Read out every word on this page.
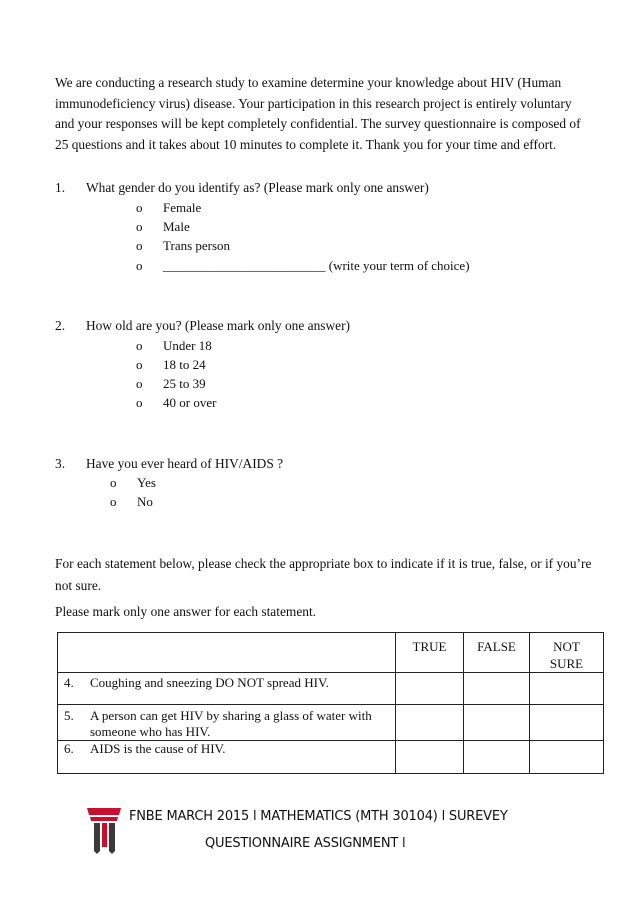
We are conducting a research study to examine determine your knowledge about HIV (Human immunodeficiency virus) disease. Your participation in this research project is entirely voluntary and your responses will be kept completely confidential. The survey questionnaire is composed of 25 questions and it takes about 10 minutes to complete it. Thank you for your time and effort.

1. What gender do you identify as? (Please mark only one answer)
o Female
o Male
o Trans person
o _________________________ (write your term of choice)
2. How old are you? (Please mark only one answer)
o Under 18
o 18 to 24
o 25 to 39
o 40 or over
3. Have you ever heard of HIV/AIDS ?
o Yes
o No

For each statement below, please check the appropriate box to indicate if it is true, false, or if you’re not sure.

Please mark only one answer for each statement.

	TRUE	FALSE	NOT SURE
4. Coughing and sneezing DO NOT spread HIV.			
5. A person can get HIV by sharing a glass of water with someone who has HIV.			
6. AIDS is the cause of HIV.			
FNBE MARCH 2015 l MATHEMATICS (MTH 30104) l SUREVEY
QUESTIONNAIRE ASSIGNMENT l
